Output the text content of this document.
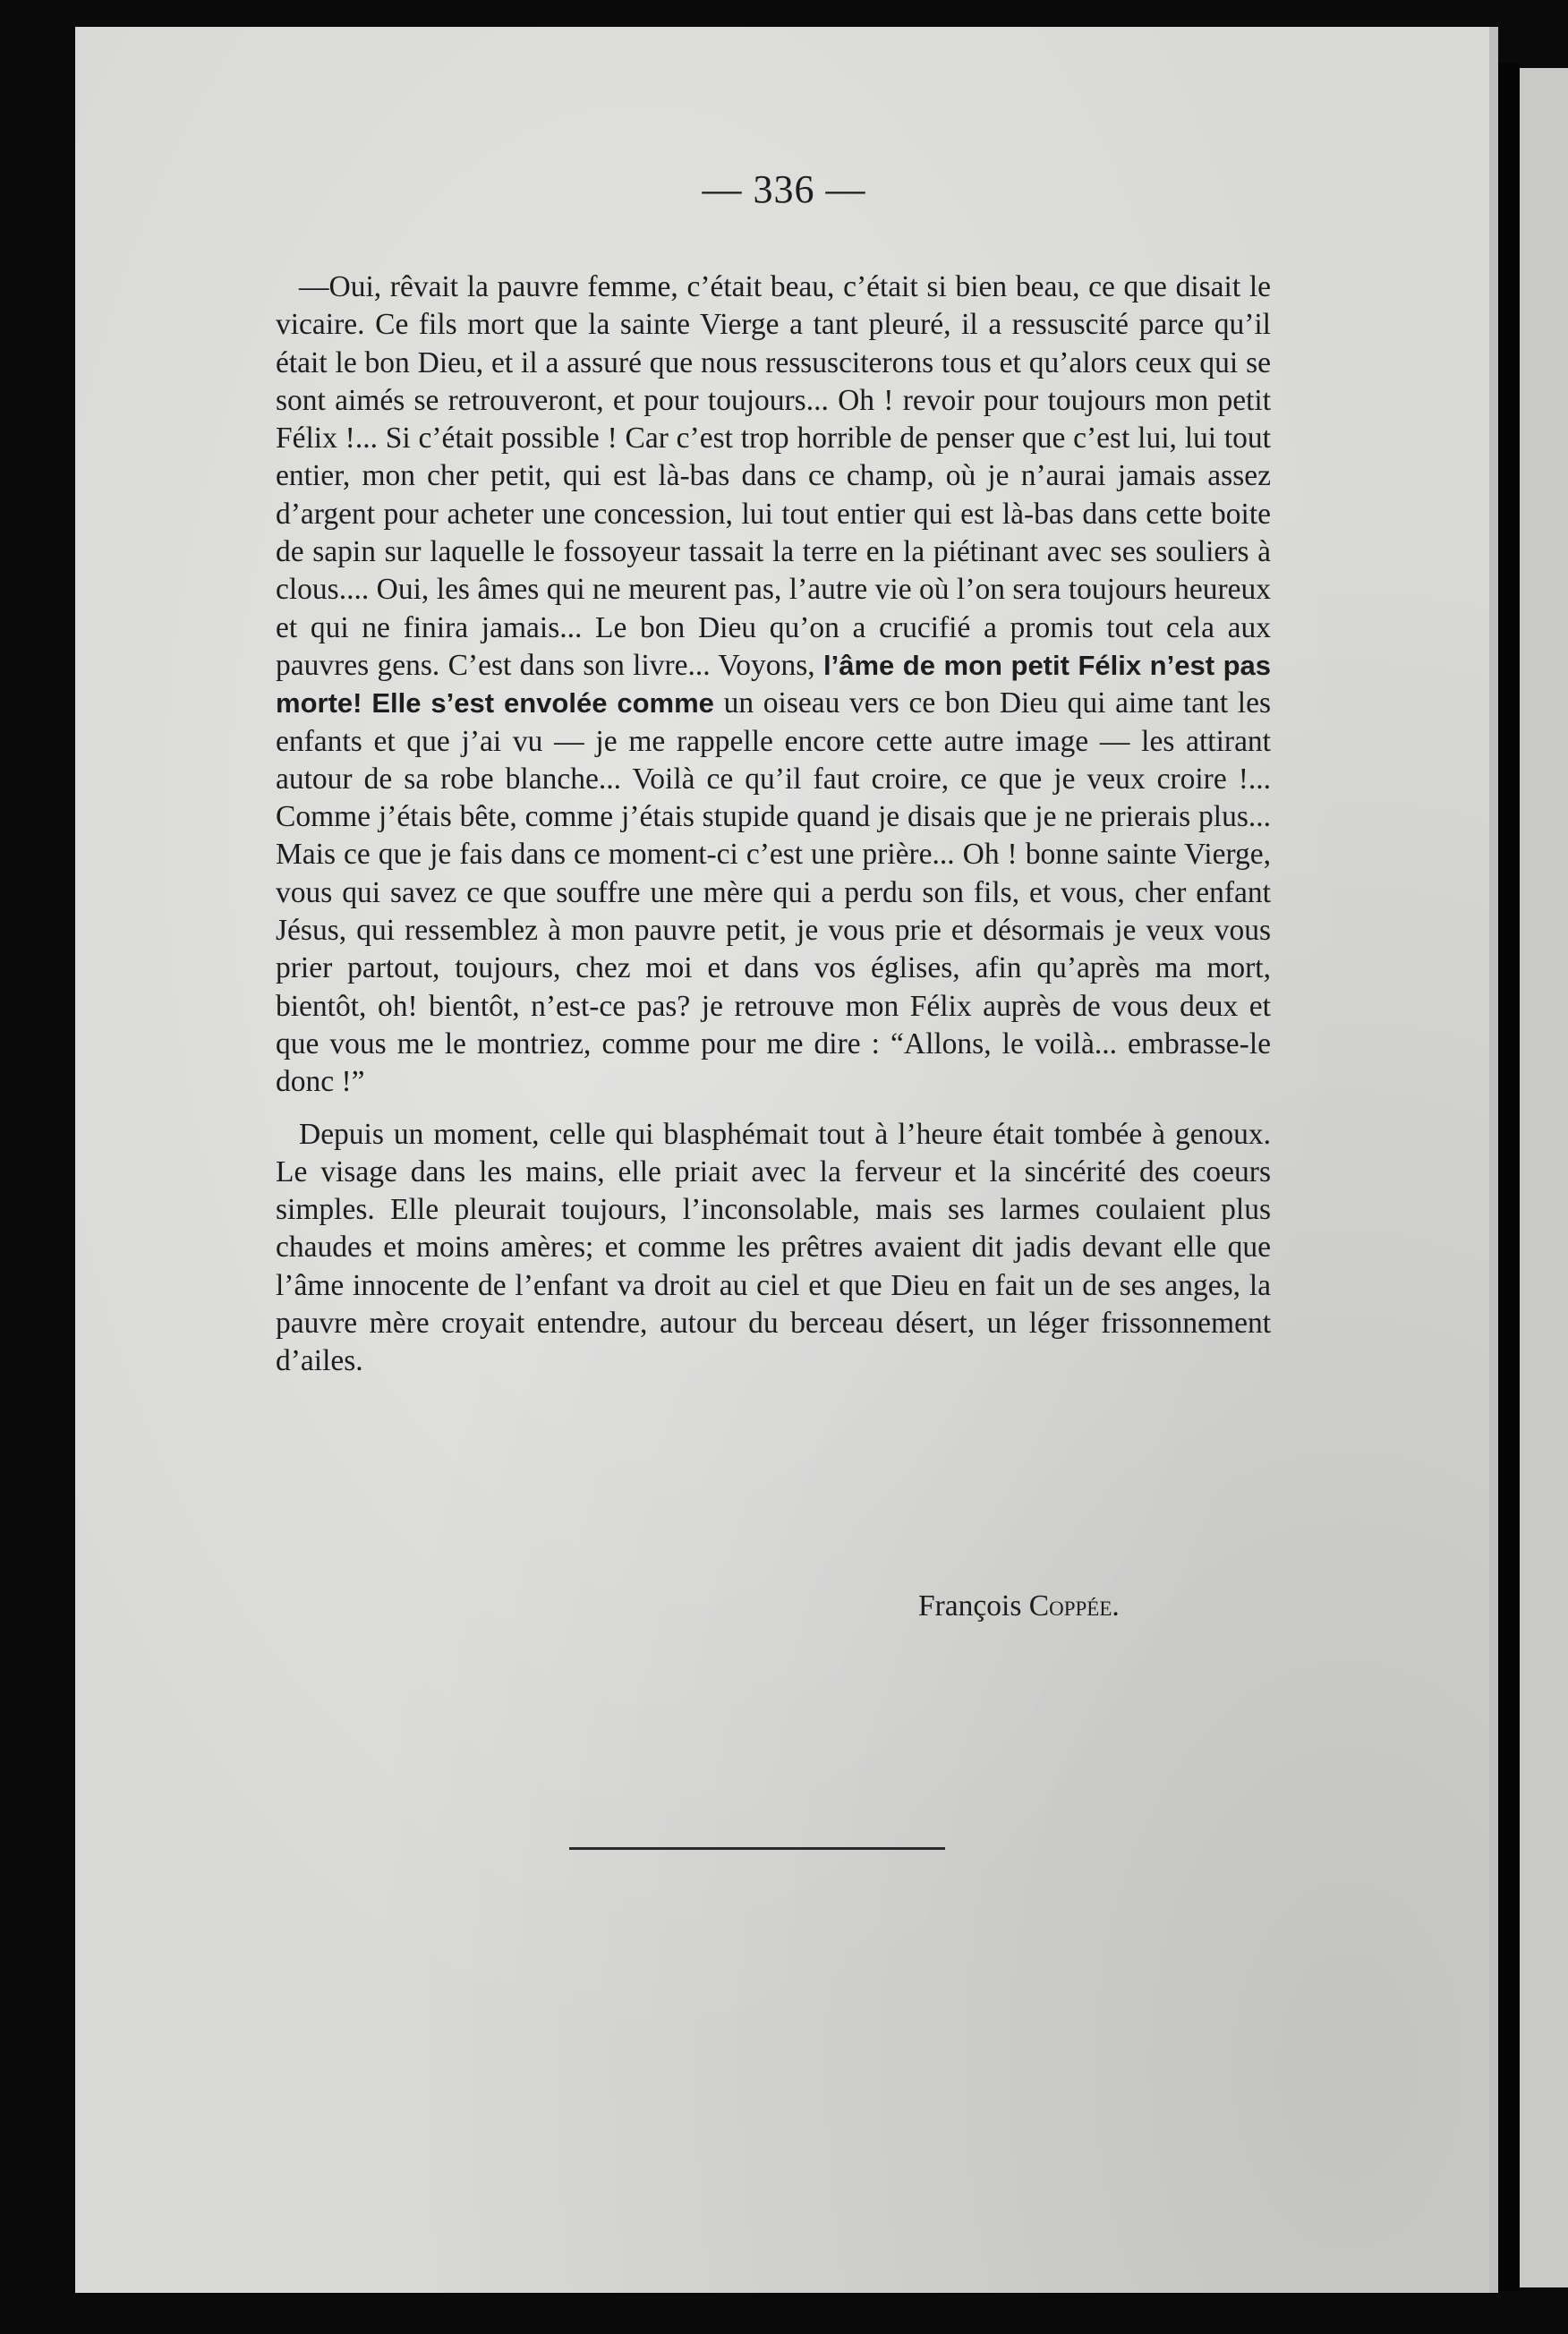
— 336 —

—Oui, rêvait la pauvre femme, c’était beau, c’était si bien beau, ce que disait le vicaire. Ce fils mort que la sainte Vierge a tant pleuré, il a ressuscité parce qu’il était le bon Dieu, et il a assuré que nous ressusciterons tous et qu’alors ceux qui se sont aimés se retrouveront, et pour toujours... Oh ! revoir pour toujours mon petit Félix !... Si c’était possible ! Car c’est trop horrible de penser que c’est lui, lui tout entier, mon cher petit, qui est là-bas dans ce champ, où je n’aurai jamais assez d’argent pour acheter une concession, lui tout entier qui est là-bas dans cette boite de sapin sur laquelle le fossoyeur tassait la terre en la piétinant avec ses souliers à clous.... Oui, les âmes qui ne meurent pas, l’autre vie où l’on sera toujours heureux et qui ne finira jamais... Le bon Dieu qu’on a crucifié a promis tout cela aux pauvres gens. C’est dans son livre... Voyons, l’âme de mon petit Félix n’est pas morte! Elle s’est envolée comme un oiseau vers ce bon Dieu qui aime tant les enfants et que j’ai vu — je me rappelle encore cette autre image — les attirant autour de sa robe blanche... Voilà ce qu’il faut croire, ce que je veux croire !... Comme j’étais bête, comme j’étais stupide quand je disais que je ne prierais plus... Mais ce que je fais dans ce moment-ci c’est une prière... Oh ! bonne sainte Vierge, vous qui savez ce que souffre une mère qui a perdu son fils, et vous, cher enfant Jésus, qui ressemblez à mon pauvre petit, je vous prie et désormais je veux vous prier partout, toujours, chez moi et dans vos églises, afin qu’après ma mort, bientôt, oh! bientôt, n’est-ce pas? je retrouve mon Félix auprès de vous deux et que vous me le montriez, comme pour me dire : “Allons, le voilà... embrasse-le donc !”

Depuis un moment, celle qui blasphémait tout à l’heure était tombée à genoux. Le visage dans les mains, elle priait avec la ferveur et la sincérité des coeurs simples. Elle pleurait toujours, l’inconsolable, mais ses larmes coulaient plus chaudes et moins amères; et comme les prêtres avaient dit jadis devant elle que l’âme innocente de l’enfant va droit au ciel et que Dieu en fait un de ses anges, la pauvre mère croyait entendre, autour du berceau désert, un léger frissonnement d’ailes.

François Coppée.
